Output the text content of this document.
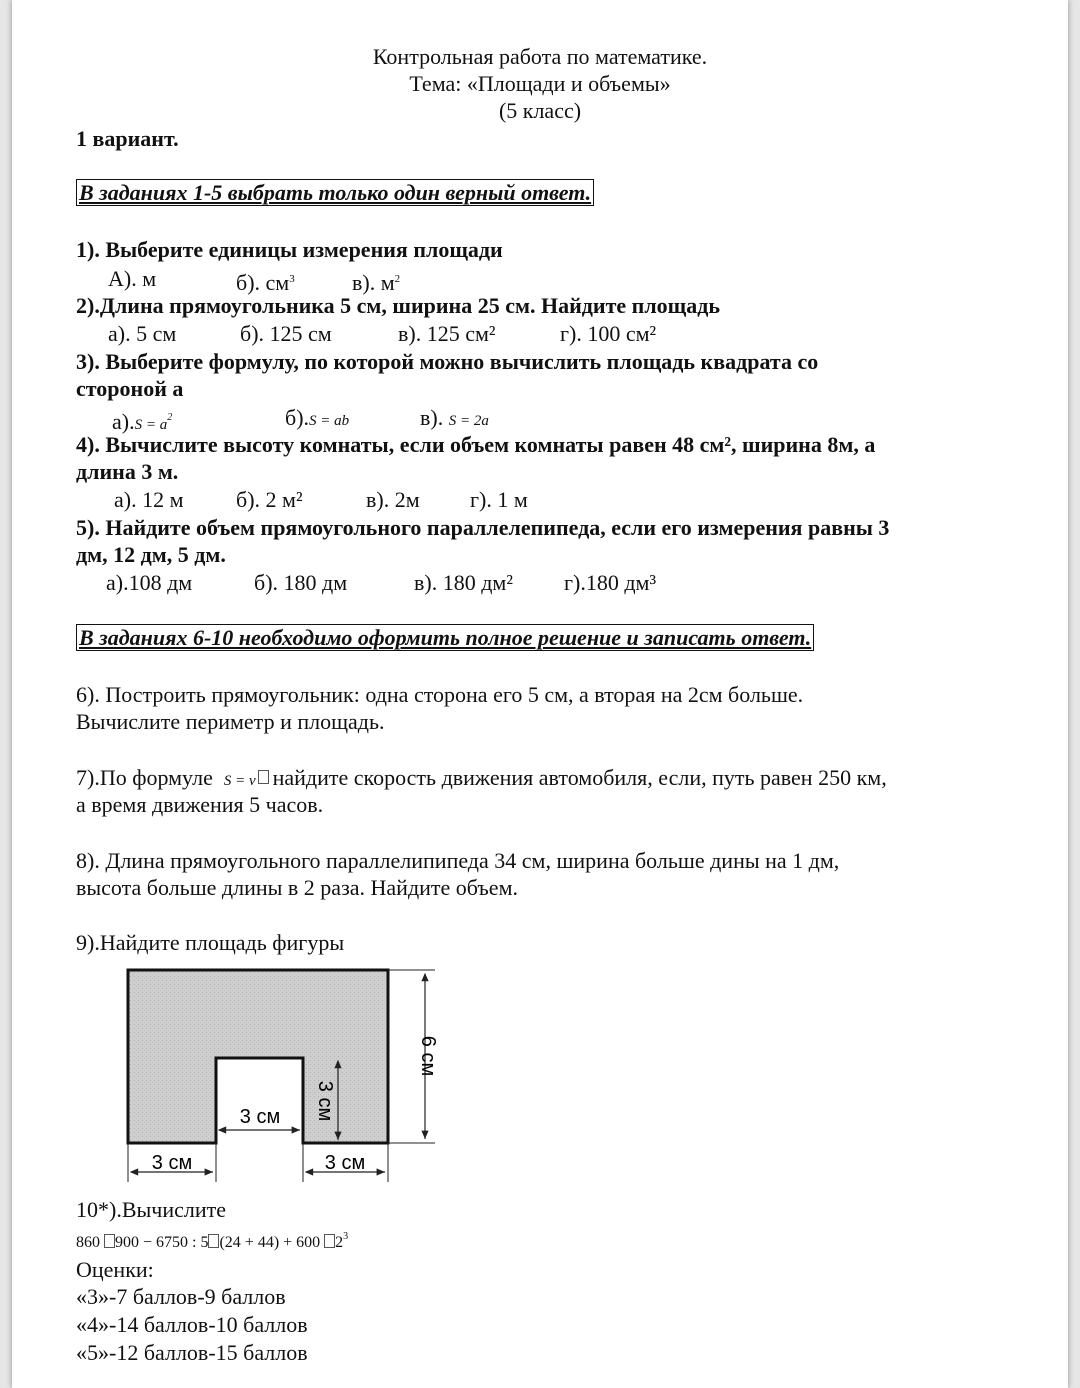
Контрольная работа по математике.
Тема: «Площади и объемы»
(5 класс)
1 вариант.
В заданиях 1-5 выбрать только один верный ответ.
1). Выберите единицы измерения площади
А). м	б). $см^3$	в). $м^2$
2).Длина прямоугольника 5 см, ширина 25 см. Найдите площадь
а). 5 см	б). 125 см	в). 125 см²	г). 100 см²
3). Выберите формулу, по которой можно вычислить площадь квадрата со
стороной а
$а).S = a^2$	б).S = ab	в). S = 2a
4). Вычислите высоту комнаты, если объем комнаты равен 48 см², ширина 8м, а
длина 3 м.
а). 12 м б). 2 м²	в). 2м г). 1 м
5). Найдите объем прямоугольного параллелепипеда, если его измерения равны 3
дм, 12 дм, 5 дм.
а).108 дм	б). 180 дм	в). 180 дм² г).180 дм³
В заданиях 6-10 необходимо оформить полное решение и записать ответ.
6). Построить прямоугольник: одна сторона его 5 см, а вторая на 2см больше.
Вычислите периметр и площадь.
7).По формуле S = v найдите скорость движения автомобиля, если, путь равен 250 км,
а время движения 5 часов.
8). Длина прямоугольного параллелипипеда 34 см, ширина больше дины на 1 дм,
высота больше длины в 2 раза. Найдите объем.
9).Найдите площадь фигуры
6 см
3 см
3 см
3 см	3 см
10*).Вычислите
860 900 − 6750 : 5 (24 + 44) + 600 $2^3$
Оценки:
«3»-7 баллов-9 баллов
«4»-14 баллов-10 баллов
«5»-12 баллов-15 баллов
